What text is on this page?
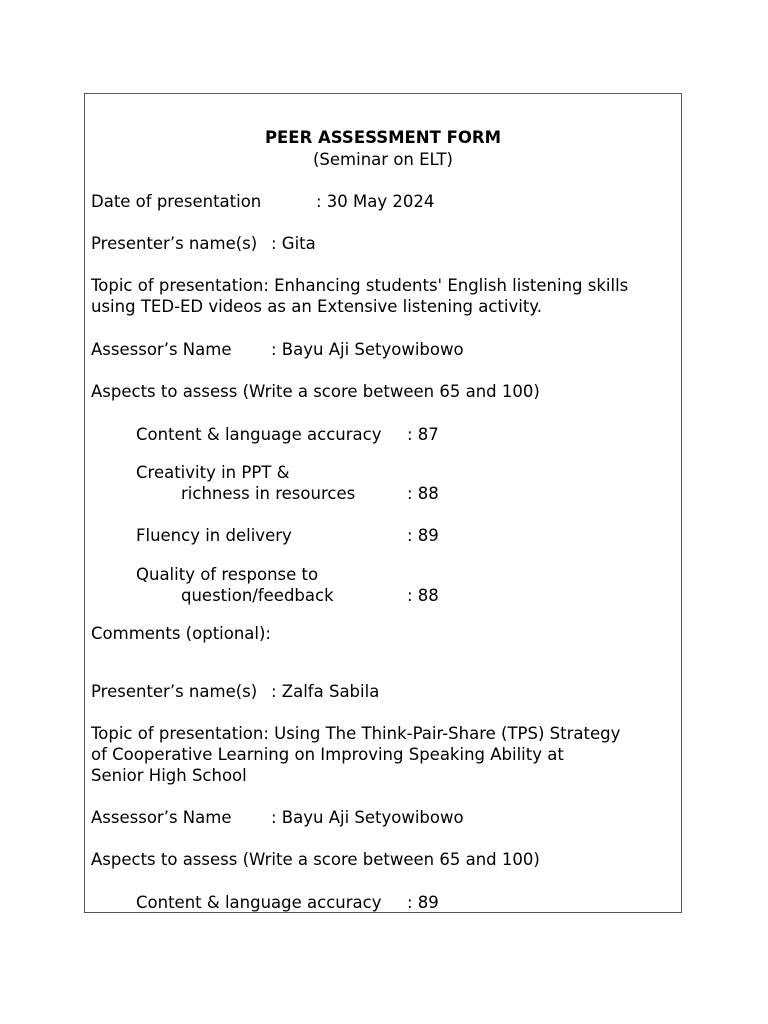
PEER ASSESSMENT FORM
(Seminar on ELT)
Date of presentation	: 30 May 2024
Presenter’s name(s) : Gita
Topic of presentation: Enhancing students' English listening skills
using TED-ED videos as an Extensive listening activity.
Assessor’s Name : Bayu Aji Setyowibowo
Aspects to assess (Write a score between 65 and 100)
Content & language accuracy : 87
Creativity in PPT &
richness in resources	: 88
Fluency in delivery	: 89
Quality of response to
question/feedback	: 88
Comments (optional):
Presenter’s name(s) : Zalfa Sabila
Topic of presentation: Using The Think-Pair-Share (TPS) Strategy
of Cooperative Learning on Improving Speaking Ability at
Senior High School
Assessor’s Name : Bayu Aji Setyowibowo
Aspects to assess (Write a score between 65 and 100)
Content & language accuracy : 89
